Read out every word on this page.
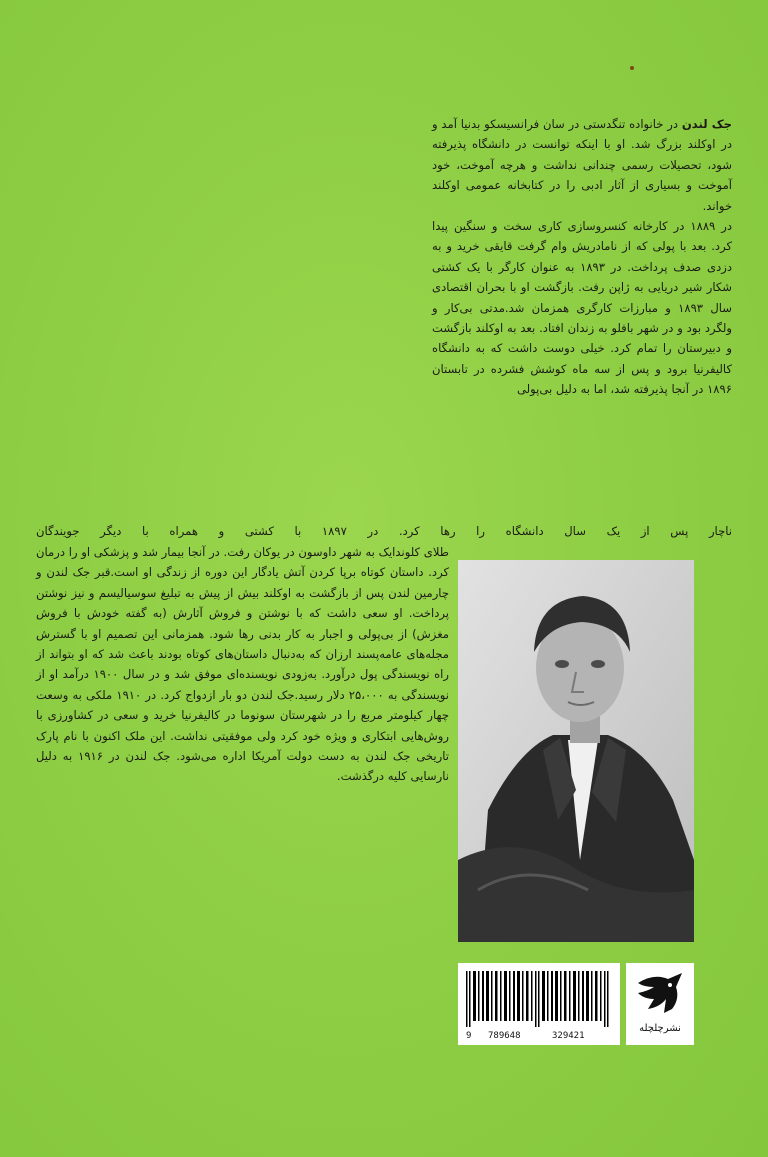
جک لندن در خانواده تنگدستی در سان فرانسیسکو بدنیا آمد و در اوکلند بزرگ شد. او با اینکه توانست در دانشگاه پذیرفته شود، تحصیلات رسمی چندانی نداشت و هرچه آموخت، خود آموخت و بسیاری از آثار ادبی را در کتابخانه عمومی اوکلند خواند.

در ۱۸۸۹ در کارخانه کنسروسازی کاری سخت و سنگین پیدا کرد. بعد با پولی که از نامادریش وام گرفت قایقی خرید و به دزدی صدف پرداخت. در ۱۸۹۳ به عنوان کارگر با یک کشتی شکار شیر دریایی به ژاپن رفت. بازگشت او با بحران اقتصادی سال ۱۸۹۳ و مبارزات کارگری همزمان شد.مدتی بی‌کار و ولگرد بود و در شهر بافلو به زندان افتاد. بعد به اوکلند بازگشت و دبیرستان را تمام کرد. خیلی دوست داشت که به دانشگاه کالیفرنیا برود و پس از سه ماه کوشش فشرده در تابستان ۱۸۹۶ در آنجا پذیرفته شد، اما به دلیل بی‌پولی

ناچار پس از یک سال دانشگاه را رها کرد. در ۱۸۹۷ با کشتی و همراه با دیگر جویندگان
طلای کلوندایک به شهر داوسون در یوکان رفت. در آنجا بیمار شد و پزشکی او را درمان کرد. داستان کوتاه برپا کردن آتش یادگار این دوره از زندگی او است.قبر جک لندن و چارمین لندن پس از بازگشت به اوکلند بیش از پیش به تبلیغ سوسیالیسم و نیز نوشتن پرداخت. او سعی داشت که با نوشتن و فروش آثارش (به گفته خودش با فروش مغزش) از بی‌پولی و اجبار به کار بدنی رها شود. همزمانی این تصمیم او با گسترش مجله‌های عامه‌پسند ارزان که به‌دنبال داستان‌های کوتاه بودند باعث شد که او بتواند از راه نویسندگی پول درآورد. به‌زودی نویسنده‌ای موفق شد و در سال ۱۹۰۰ درآمد او از نویسندگی به ۲۵،۰۰۰ دلار رسید.جک لندن دو بار ازدواج کرد. در ۱۹۱۰ ملکی به وسعت چهار کیلومتر مربع را در شهرستان سونوما در کالیفرنیا خرید و سعی در کشاورزی با روش‌هایی ابتکاری و ویژه خود کرد ولی موفقیتی نداشت. این ملک اکنون با نام پارک تاریخی جک لندن به دست دولت آمریکا اداره می‌شود. جک لندن در ۱۹۱۶ به دلیل نارسایی کلیه درگذشت.
9 789648	329421
نشرچلچله
